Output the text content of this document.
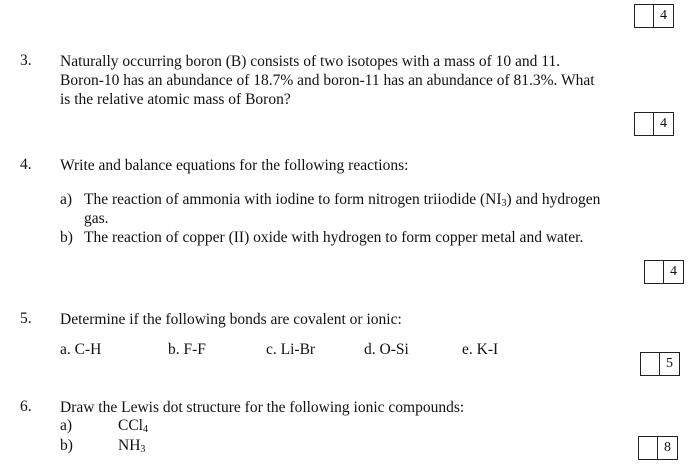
4
4
4
5
8
3. Naturally occurring boron (B) consists of two isotopes with a mass of 10 and 11.
Boron-10 has an abundance of 18.7% and boron-11 has an abundance of 81.3%. What
is the relative atomic mass of Boron?
4. Write and balance equations for the following reactions:
a) The reaction of ammonia with iodine to form nitrogen triiodide $(NI_3)$ and hydrogen
gas.
b) The reaction of copper (II) oxide with hydrogen to form copper metal and water.
5. Determine if the following bonds are covalent or ionic:
a. C-H	b. F-F	c. Li-Br	d. O-Si	e. K-I
6. Draw the Lewis dot structure for the following ionic compounds:
a)	CCl$_4$
b)	$NH_3$
